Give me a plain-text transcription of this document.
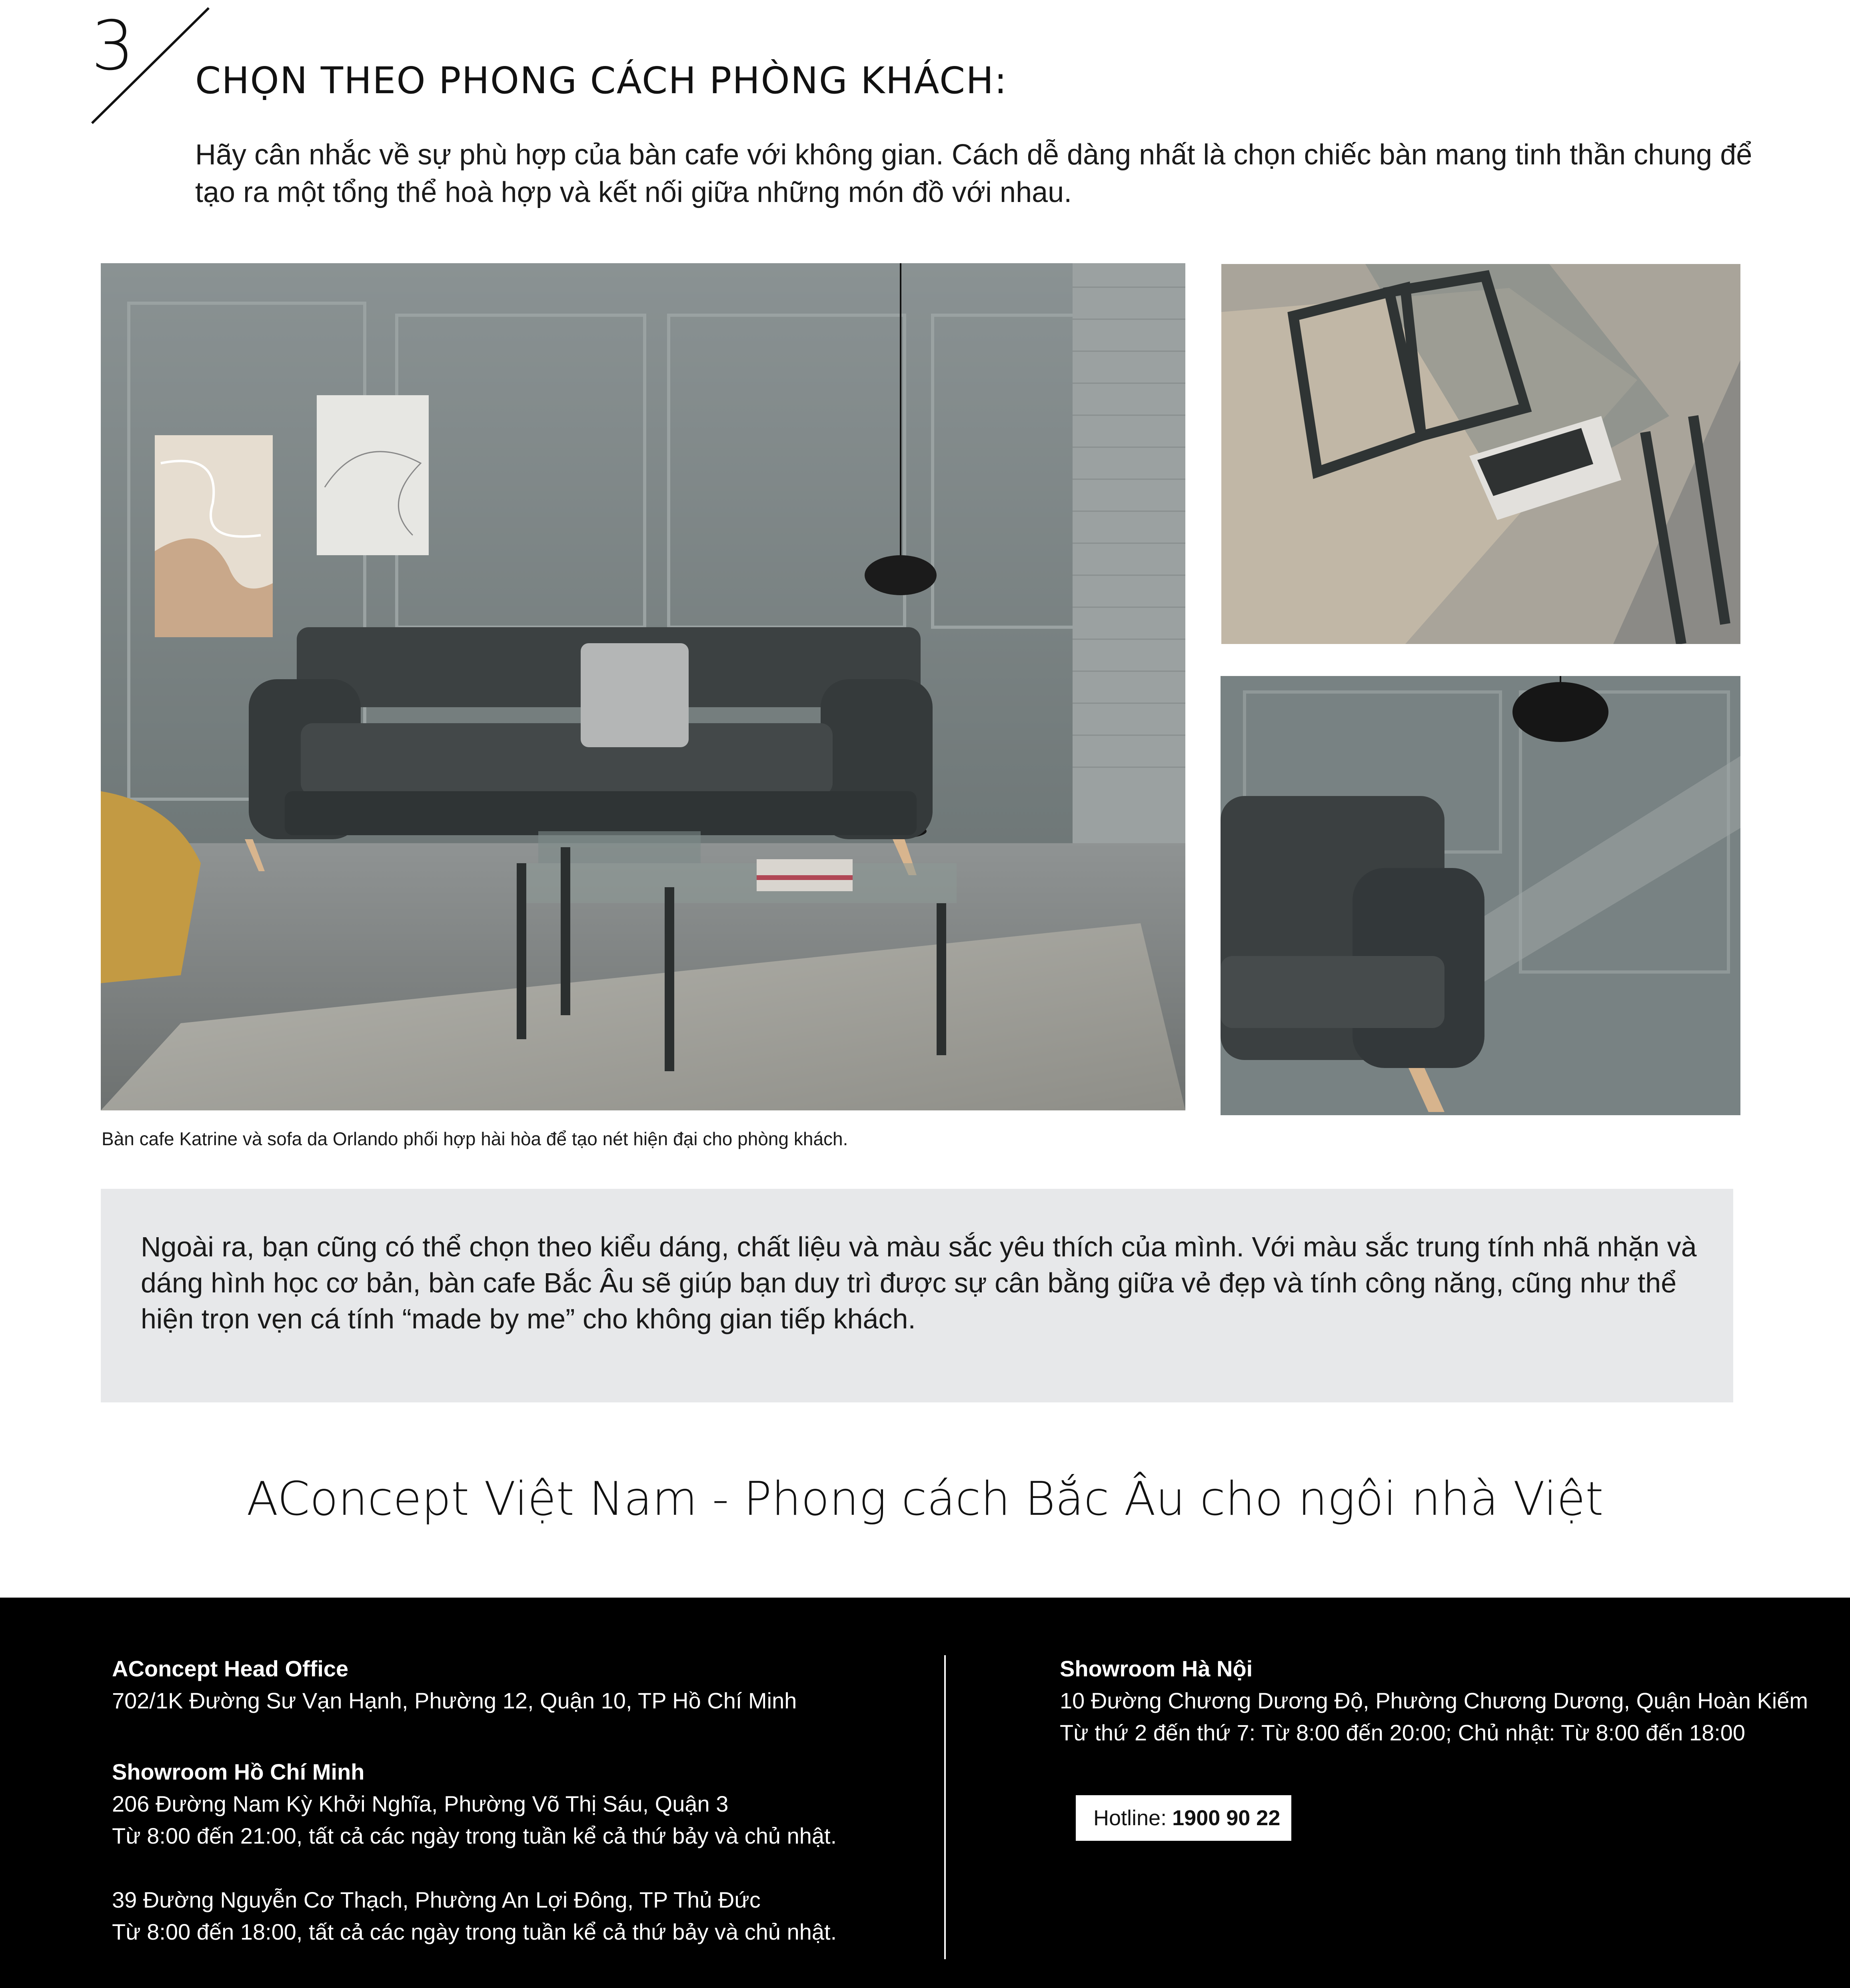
3 CHỌN THEO PHONG CÁCH PHÒNG KHÁCH:

Hãy cân nhắc về sự phù hợp của bàn cafe với không gian. Cách dễ dàng nhất là chọn chiếc bàn mang tinh thần chung để tạo ra một tổng thể hoà hợp và kết nối giữa những món đồ với nhau.

Bàn cafe Katrine và sofa da Orlando phối hợp hài hòa để tạo nét hiện đại cho phòng khách.

Ngoài ra, bạn cũng có thể chọn theo kiểu dáng, chất liệu và màu sắc yêu thích của mình. Với màu sắc trung tính nhã nhặn và dáng hình học cơ bản, bàn cafe Bắc Âu sẽ giúp bạn duy trì được sự cân bằng giữa vẻ đẹp và tính công năng, cũng như thể hiện trọn vẹn cá tính “made by me” cho không gian tiếp khách.

AConcept Việt Nam - Phong cách Bắc Âu cho ngôi nhà Việt
AConcept Head Office
702/1K Đường Sư Vạn Hạnh, Phường 12, Quận 10, TP Hồ Chí Minh
Showroom Hồ Chí Minh
206 Đường Nam Kỳ Khởi Nghĩa, Phường Võ Thị Sáu, Quận 3
Từ 8:00 đến 21:00, tất cả các ngày trong tuần kể cả thứ bảy và chủ nhật.
39 Đường Nguyễn Cơ Thạch, Phường An Lợi Đông, TP Thủ Đức
Từ 8:00 đến 18:00, tất cả các ngày trong tuần kể cả thứ bảy và chủ nhật.
Showroom Hà Nội
10 Đường Chương Dương Độ, Phường Chương Dương, Quận Hoàn Kiếm
Từ thứ 2 đến thứ 7: Từ 8:00 đến 20:00; Chủ nhật: Từ 8:00 đến 18:00
Hotline: 1900 90 22
